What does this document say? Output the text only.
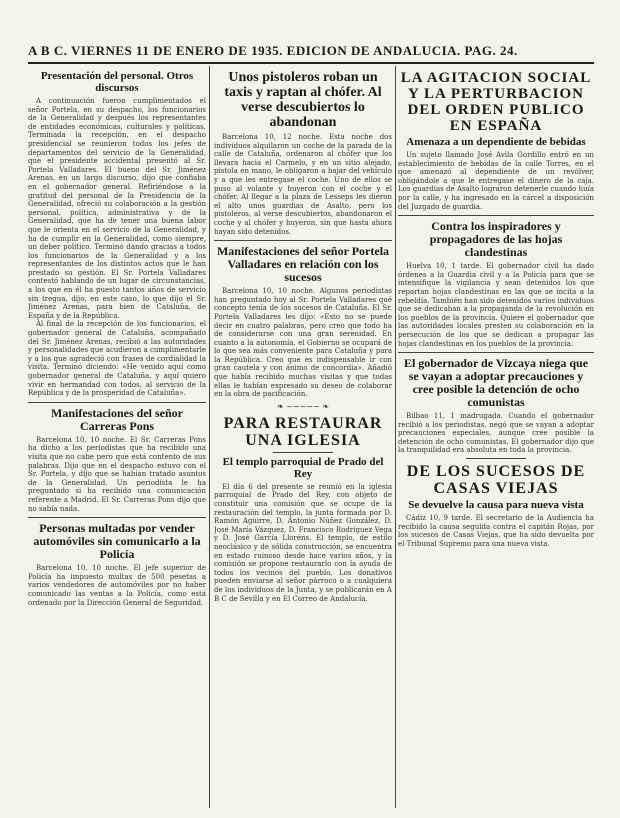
A B C. VIERNES 11 DE ENERO DE 1935. EDICION DE ANDALUCIA. PAG. 24.
Presentación del personal. Otros discursos

A continuación fueron cumplimentados el señor Portela, en su despacho, los funcionarios de la Generalidad y después los representantes de entidades económicas, culturales y políticas. Terminada la recepción, en el despacho presidencial se reunieron todos los jefes de departamentos del servicio de la Generalidad, que el presidente accidental presentó al Sr. Portela Valladares. El bueno del Sr. Jiménez Arenas, en un largo discurso, dijo que confiaba en el gobernador general. Refiriéndose a la gratitud del personal de la Presidencia de la Generalidad, ofreció su colaboración a la gestión personal, política, administrativa y de la Generalidad, que ha de tener una buena labor que le orienta en el servicio de la Generalidad, y ha de cumplir en la Generalidad, como siempre, un deber político. Terminó dando gracias a todos los funcionarios de la Generalidad y a los representantes de los distintos actos que le han prestado su gestión. El Sr. Portela Valladares contestó hablando de un lugar de circunstancias, a los que en él ha puesto tantos años de servicio sin tregua, dijo, en este caso, lo que dijo el Sr. Jiménez Arenas, para bien de Cataluña, de España y de la República.

Al final de la recepción de los funcionarios, el gobernador general de Cataluña, acompañado del Sr. Jiménez Arenas, recibió a las autoridades y personalidades que acudieron a cumplimentarle y a los que agradeció con frases de cordialidad la visita. Terminó diciendo: «He venido aquí como gobernador general de Cataluña, y aquí quiero vivir en hermandad con todos, al servicio de la República y de la prosperidad de Cataluña».

Manifestaciones del señor Carreras Pons

Barcelona 10, 10 noche. El Sr. Carreras Pons ha dicho a los periodistas que ha recibido una visita que no cabe pero que está contento de sus palabras. Dijo que en el despacho estuvo con el Sr. Portela, y dijo que se habían tratado asuntos de la Generalidad. Un periodista le ha preguntado si ha recibido una comunicación referente a Madrid. El Sr. Carreras Pons dijo que no sabía nada.

Personas multadas por vender automóviles sin comunicarlo a la Policía

Barcelona 10, 10 noche. El jefe superior de Policía ha impuesto multas de 500 pesetas a varios vendedores de automóviles por no haber comunicado las ventas a la Policía, como está ordenado por la Dirección General de Seguridad.

Unos pistoleros roban un taxis y raptan al chófer. Al verse descubiertos lo abandonan

Barcelona 10, 12 noche. Esta noche dos individuos alquilaron un coche de la parada de la calle de Cataluña, ordenaron al chófer que los llevara hacia el Carmelo, y en un sitio alejado, pistola en mano, le obligaron a bajar del vehículo y a que les entregase el coche. Uno de ellos se puso al volante y huyeron con el coche y el chófer. Al llegar a la plaza de Lesseps les dieron el alto unos guardias de Asalto, pero los pistoleros, al verse descubiertos, abandonaron el coche y al chófer y huyeron, sin que hasta ahora hayan sido detenidos.

Manifestaciones del señor Portela Valladares en relación con los sucesos

Barcelona 10, 10 noche. Algunos periodistas han preguntado hoy al Sr. Portela Valladares qué concepto tenía de los sucesos de Cataluña. El Sr. Portela Valladares les dijo: «Esto no se puede decir en cuatro palabras, pero creo que todo ha de considerarse con una gran serenidad. En cuanto a la autonomía, el Gobierno se ocupará de lo que sea más conveniente para Cataluña y para la República. Creo que es indispensable ir con gran cautela y con ánimo de concordia». Añadió que había recibido muchas visitas y que todas ellas le habían expresado su deseo de colaborar en la obra de pacificación.

❧ ~~~~~ ❧
PARA RESTAURAR UNA IGLESIA
El templo parroquial de Prado del Rey

El día 6 del presente se reunió en la iglesia parroquial de Prado del Rey, con objeto de constituir una comisión que se ocupe de la restauración del templo, la junta formada por D. Ramón Aguirre, D. Antonio Núñez González, D. José María Vázquez, D. Francisco Rodríguez Vega y D. José García Lloréns. El templo, de estilo neoclásico y de sólida construcción, se encuentra en estado ruinoso desde hace varios años, y la comisión se propone restaurarlo con la ayuda de todos los vecinos del pueblo. Los donativos pueden enviarse al señor párroco o a cualquiera de los individuos de la Junta, y se publicarán en A B C de Sevilla y en El Correo de Andalucía.

LA AGITACION SOCIAL Y LA PERTURBACION DEL ORDEN PUBLICO EN ESPAÑA
Amenaza a un dependiente de bebidas

Un sujeto llamado José Avila Gordillo entró en un establecimiento de bebidas de la calle Torres, en el que amenazó al dependiente de un revólver, obligándole a que le entregase el dinero de la caja. Los guardias de Asalto lograron detenerle cuando huía por la calle, y ha ingresado en la cárcel a disposición del Juzgado de guardia.

Contra los inspiradores y propagadores de las hojas clandestinas

Huelva 10, 1 tarde. El gobernador civil ha dado órdenes a la Guardia civil y a la Policía para que se intensifique la vigilancia y sean detenidos los que repartan hojas clandestinas en las que se incita a la rebeldía. También han sido detenidos varios individuos que se dedicaban a la propaganda de la revolución en los pueblos de la provincia. Quiere el gobernador que las autoridades locales presten su colaboración en la persecución de los que se dedican a propagar las hojas clandestinas en los pueblos de la provincia.

El gobernador de Vizcaya niega que se vayan a adoptar precauciones y cree posible la detención de ocho comunistas

Bilbao 11, 1 madrugada. Cuando el gobernador recibió a los periodistas, negó que se vayan a adoptar precauciones especiales, aunque cree posible la detención de ocho comunistas. El gobernador dijo que la tranquilidad era absoluta en toda la provincia.

DE LOS SUCESOS DE CASAS VIEJAS
Se devuelve la causa para nueva vista

Cádiz 10, 9 tarde. El secretario de la Audiencia ha recibido la causa seguida contra el capitán Rojas, por los sucesos de Casas Viejas, que ha sido devuelta por el Tribunal Supremo para una nueva vista.
